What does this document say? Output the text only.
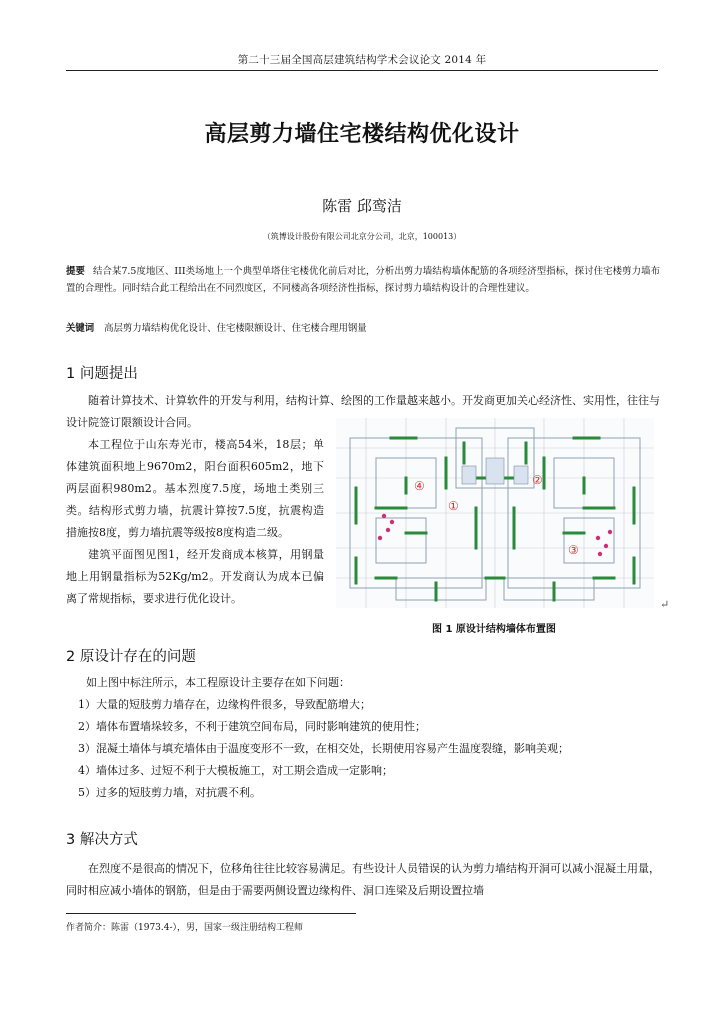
第二十三届全国高层建筑结构学术会议论文 2014 年
高层剪力墙住宅楼结构优化设计
陈雷 邱鸾洁
（筑博设计股份有限公司北京分公司，北京，100013）
提要 结合某7.5度地区、III类场地上一个典型单塔住宅楼优化前后对比，分析出剪力墙结构墙体配筋的各项经济型指标，探讨住宅楼剪力墙布置的合理性。同时结合此工程给出在不同烈度区，不同楼高各项经济性指标，探讨剪力墙结构设计的合理性建议。
关键词 高层剪力墙结构优化设计、住宅楼限额设计、住宅楼合理用钢量
1 问题提出

随着计算技术、计算软件的开发与利用，结构计算、绘图的工作量越来越小。开发商更加关心经济性、实用性，往往与设计院签订限额设计合同。

本工程位于山东寿光市，楼高54米，18层；单体建筑面积地上9670m2，阳台面积605m2，地下两层面积980m2。基本烈度7.5度，场地土类别三类。结构形式剪力墙，抗震计算按7.5度，抗震构造措施按8度，剪力墙抗震等级按8度构造二级。

建筑平面图见图1，经开发商成本核算，用钢量地上用钢量指标为52Kg/m2。开发商认为成本已偏离了常规指标，要求进行优化设计。

④
①
②
③
图 1 原设计结构墙体布置图
↵
2 原设计存在的问题
如上图中标注所示，本工程原设计主要存在如下问题：
1）大量的短肢剪力墙存在，边缘构件很多，导致配筋增大；
2）墙体布置墙垛较多，不利于建筑空间布局，同时影响建筑的使用性；
3）混凝土墙体与填充墙体由于温度变形不一致，在相交处，长期使用容易产生温度裂缝，影响美观；
4）墙体过多、过短不利于大模板施工，对工期会造成一定影响；
5）过多的短肢剪力墙，对抗震不利。
3 解决方式

在烈度不是很高的情况下，位移角往往比较容易满足。有些设计人员错误的认为剪力墙结构开洞可以减小混凝土用量，同时相应减小墙体的钢筋，但是由于需要两侧设置边缘构件、洞口连梁及后期设置拉墙

作者简介：陈雷（1973.4-），男，国家一级注册结构工程师
